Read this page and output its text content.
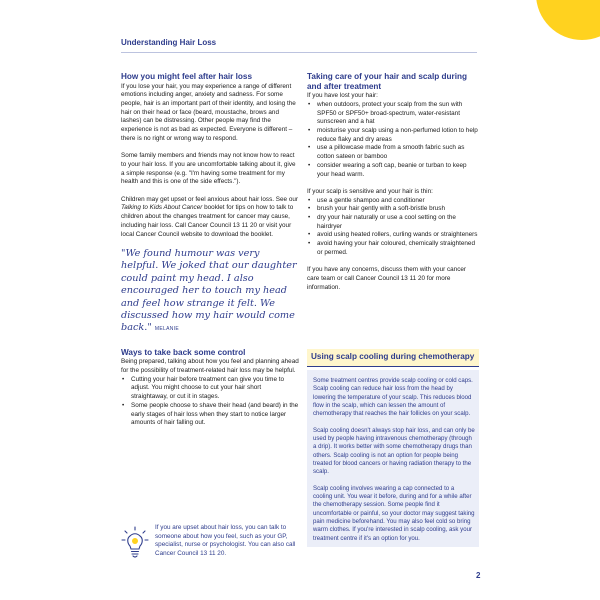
Understanding Hair Loss
How you might feel after hair loss

If you lose your hair, you may experience a range of different emotions including anger, anxiety and sadness. For some people, hair is an important part of their identity, and losing the hair on their head or face (beard, moustache, brows and lashes) can be distressing. Other people may find the experience is not as bad as expected. Everyone is different – there is no right or wrong way to respond.

Some family members and friends may not know how to react to your hair loss. If you are uncomfortable talking about it, give a simple response (e.g. "I'm having some treatment for my health and this is one of the side effects.").

Children may get upset or feel anxious about hair loss. See our Talking to Kids About Cancer booklet for tips on how to talk to children about the changes treatment for cancer may cause, including hair loss. Call Cancer Council 13 11 20 or visit your local Cancer Council website to download the booklet.

"We found humour was very helpful. We joked that our daughter could paint my head. I also encouraged her to touch my head and feel how strange it felt. We discussed how my hair would come back." MELANIE
Ways to take back some control

Being prepared, talking about how you feel and planning ahead for the possibility of treatment-related hair loss may be helpful.

• Cutting your hair before treatment can give you time to adjust. You might choose to cut your hair short straightaway, or cut it in stages.
• Some people choose to shave their head (and beard) in the early stages of hair loss when they start to notice larger amounts of hair falling out.
If you are upset about hair loss, you can talk to someone about how you feel, such as your GP, specialist, nurse or psychologist. You can also call Cancer Council 13 11 20.
Taking care of your hair and scalp during and after treatment

If you have lost your hair:

• when outdoors, protect your scalp from the sun with SPF50 or SPF50+ broad-spectrum, water-resistant sunscreen and a hat
• moisturise your scalp using a non-perfumed lotion to help reduce flaky and dry areas
• use a pillowcase made from a smooth fabric such as cotton sateen or bamboo
• consider wearing a soft cap, beanie or turban to keep your head warm.

If your scalp is sensitive and your hair is thin:

• use a gentle shampoo and conditioner
• brush your hair gently with a soft-bristle brush
• dry your hair naturally or use a cool setting on the hairdryer
• avoid using heated rollers, curling wands or straighteners
• avoid having your hair coloured, chemically straightened or permed.

If you have any concerns, discuss them with your cancer care team or call Cancer Council 13 11 20 for more information.

Using scalp cooling during chemotherapy

Some treatment centres provide scalp cooling or cold caps. Scalp cooling can reduce hair loss from the head by lowering the temperature of your scalp. This reduces blood flow in the scalp, which can lessen the amount of chemotherapy that reaches the hair follicles on your scalp.

Scalp cooling doesn't always stop hair loss, and can only be used by people having intravenous chemotherapy (through a drip). It works better with some chemotherapy drugs than others. Scalp cooling is not an option for people being treated for blood cancers or having radiation therapy to the scalp.

Scalp cooling involves wearing a cap connected to a cooling unit. You wear it before, during and for a while after the chemotherapy session. Some people find it uncomfortable or painful, so your doctor may suggest taking pain medicine beforehand. You may also feel cold so bring warm clothes. If you're interested in scalp cooling, ask your treatment centre if it's an option for you.

2
